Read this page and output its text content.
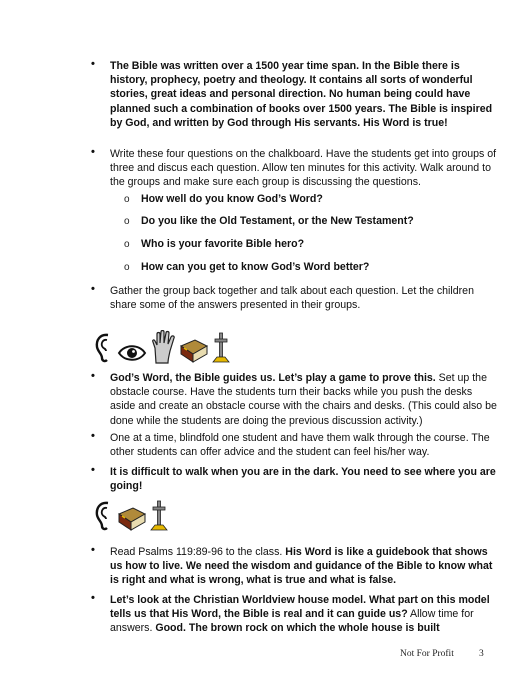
• The Bible was written over a 1500 year time span. In the Bible there is history, prophecy, poetry and theology. It contains all sorts of wonderful stories, great ideas and personal direction. No human being could have planned such a combination of books over 1500 years. The Bible is inspired by God, and written by God through His servants. His Word is true!

• Write these four questions on the chalkboard. Have the students get into groups of three and discus each question. Allow ten minutes for this activity. Walk around to the groups and make sure each group is discussing the questions.

o How well do you know God’s Word?

o Do you like the Old Testament, or the New Testament?

o Who is your favorite Bible hero?

o How can you get to know God’s Word better?

• Gather the group back together and talk about each question. Let the children share some of the answers presented in their groups.

• God’s Word, the Bible guides us. Let’s play a game to prove this. Set up the obstacle course. Have the students turn their backs while you push the desks aside and create an obstacle course with the chairs and desks. (This could also be done while the students are doing the previous discussion activity.)

• One at a time, blindfold one student and have them walk through the course. The other students can offer advice and the student can feel his/her way.

• It is difficult to walk when you are in the dark. You need to see where you are going!

• Read Psalms 119:89-96 to the class. His Word is like a guidebook that shows us how to live. We need the wisdom and guidance of the Bible to know what is right and what is wrong, what is true and what is false.

• Let’s look at the Christian Worldview house model. What part on this model tells us that His Word, the Bible is real and it can guide us? Allow time for answers. Good. The brown rock on which the whole house is built

Not For Profit	3
